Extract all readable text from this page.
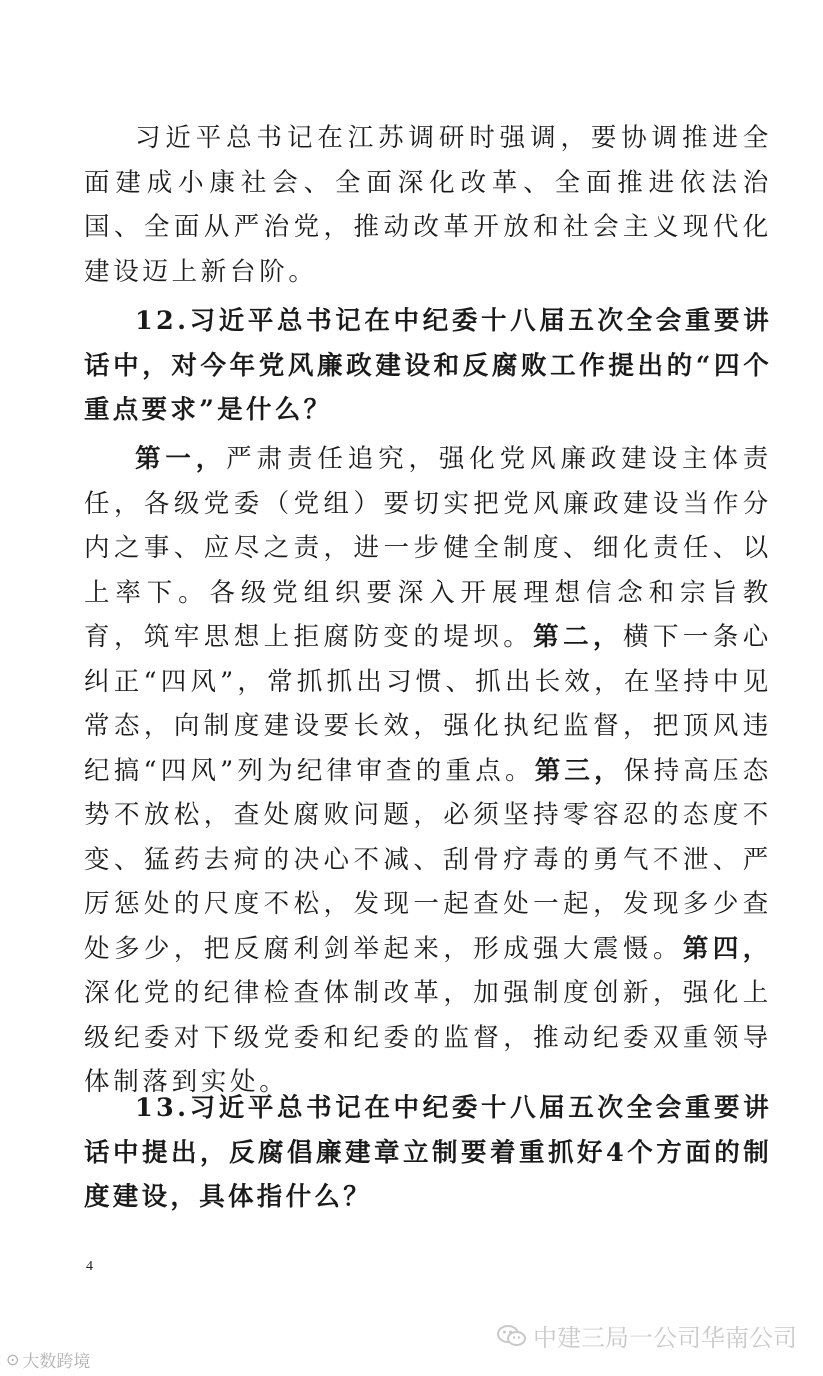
习近平总书记在江苏调研时强调，要协调推进全面建成小康社会、全面深化改革、全面推进依法治国、全面从严治党，推动改革开放和社会主义现代化建设迈上新台阶。

12.习近平总书记在中纪委十八届五次全会重要讲话中，对今年党风廉政建设和反腐败工作提出的“四个重点要求”是什么？

第一，严肃责任追究，强化党风廉政建设主体责任，各级党委（党组）要切实把党风廉政建设当作分内之事、应尽之责，进一步健全制度、细化责任、以上率下。各级党组织要深入开展理想信念和宗旨教育，筑牢思想上拒腐防变的堤坝。第二，横下一条心纠正“四风”，常抓抓出习惯、抓出长效，在坚持中见常态，向制度建设要长效，强化执纪监督，把顶风违纪搞“四风”列为纪律审查的重点。第三，保持高压态势不放松，查处腐败问题，必须坚持零容忍的态度不变、猛药去疴的决心不减、刮骨疗毒的勇气不泄、严厉惩处的尺度不松，发现一起查处一起，发现多少查处多少，把反腐利剑举起来，形成强大震慑。第四，深化党的纪律检查体制改革，加强制度创新，强化上级纪委对下级党委和纪委的监督，推动纪委双重领导体制落到实处。

13.习近平总书记在中纪委十八届五次全会重要讲话中提出，反腐倡廉建章立制要着重抓好4个方面的制度建设，具体指什么？

4
中建三局一公司华南公司
⊙ 大数跨境
